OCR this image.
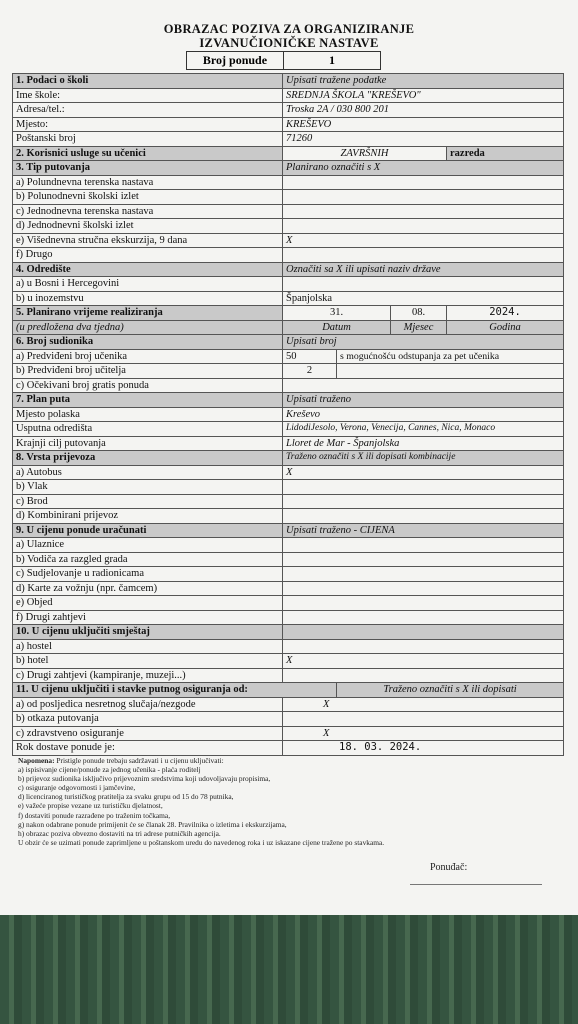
OBRAZAC POZIVA ZA ORGANIZIRANJE
IZVANUČIONIČKE NASTAVE
Broj ponude	1
1. Podaci o školi	Upisati tražene podatke			
Ime škole:	SREDNJA ŠKOLA "KREŠEVO"			
Adresa/tel.:	Troska 2A / 030 800 201			
Mjesto:	KREŠEVO			
Poštanski broj	71260			
2. Korisnici usluge su učenici	ZAVRŠNIH			razreda
3. Tip putovanja	Planirano označiti s X			
a) Polundnevna terenska nastava				
b) Polunodnevni školski izlet				
c) Jednodnevna terenska nastava				
d) Jednodnevni školski izlet				
e) Višednevna stručna ekskurzija, 9 dana	X			
f) Drugo				
4. Odredište	Označiti sa X ili upisati naziv države			
a) u Bosni i Hercegovini				
b) u inozemstvu	Španjolska			
5. Planirano vrijeme realiziranja	31.		08.	2024.
(u predložena dva tjedna)	Datum		Mjesec	Godina
6. Broj sudionika	Upisati broj			
a) Predviđeni broj učenika	50	s mogućnošću odstupanja za pet učenika		
b) Predviđeni broj učitelja	2			
c) Očekivani broj gratis ponuda				
7. Plan puta	Upisati traženo			
Mjesto polaska	Kreševo			
Usputna odredišta	LidodiJesolo, Verona, Venecija, Cannes, Nica, Monaco			
Krajnji cilj putovanja	Lloret de Mar - Španjolska			
8. Vrsta prijevoza	Traženo označiti s X ili dopisati kombinacije			
a) Autobus	X			
b) Vlak				
c) Brod				
d) Kombinirani prijevoz				
9. U cijenu ponude uračunati	Upisati traženo - CIJENA			
a) Ulaznice				
b) Vodiča za razgled grada				
c) Sudjelovanje u radionicama				
d) Karte za vožnju (npr. čamcem)				
e) Objed				
f) Drugi zahtjevi				
10. U cijenu uključiti smještaj				
a) hostel				
b) hotel	X			
c) Drugi zahtjevi (kampiranje, muzeji...)				
11. U cijenu uključiti i stavke putnog osiguranja od:		Traženo označiti s X ili dopisati		
a) od posljedica nesretnog slučaja/nezgode	X			
b) otkaza putovanja				
c) zdravstveno osiguranje	X			
Rok dostave ponude je:	18. 03. 2024.			
Napomena: Pristigle ponude trebaju sadržavati i u cijenu uključivati:
a) ispisivanje cijene/ponude za jednog učenika - plaća roditelj
b) prijevoz sudionika isključivo prijevoznim sredstvima koji udovoljavaju propisima,
c) osiguranje odgovornosti i jamčevine,
d) licenciranog turističkog pratitelja za svaku grupu od 15 do 78 putnika,
e) važeće propise vezane uz turističku djelatnost,
f) dostaviti ponude razrađene po traženim točkama,
g) nakon odabrane ponude primijenit će se članak 28. Pravilnika o izletima i ekskurzijama,
h) obrazac poziva obvezno dostaviti na tri adrese putničkih agencija.
U obzir će se uzimati ponude zaprimljene u poštanskom uredu do navedenog roka i uz iskazane cijene tražene po stavkama.
Ponuđač:
